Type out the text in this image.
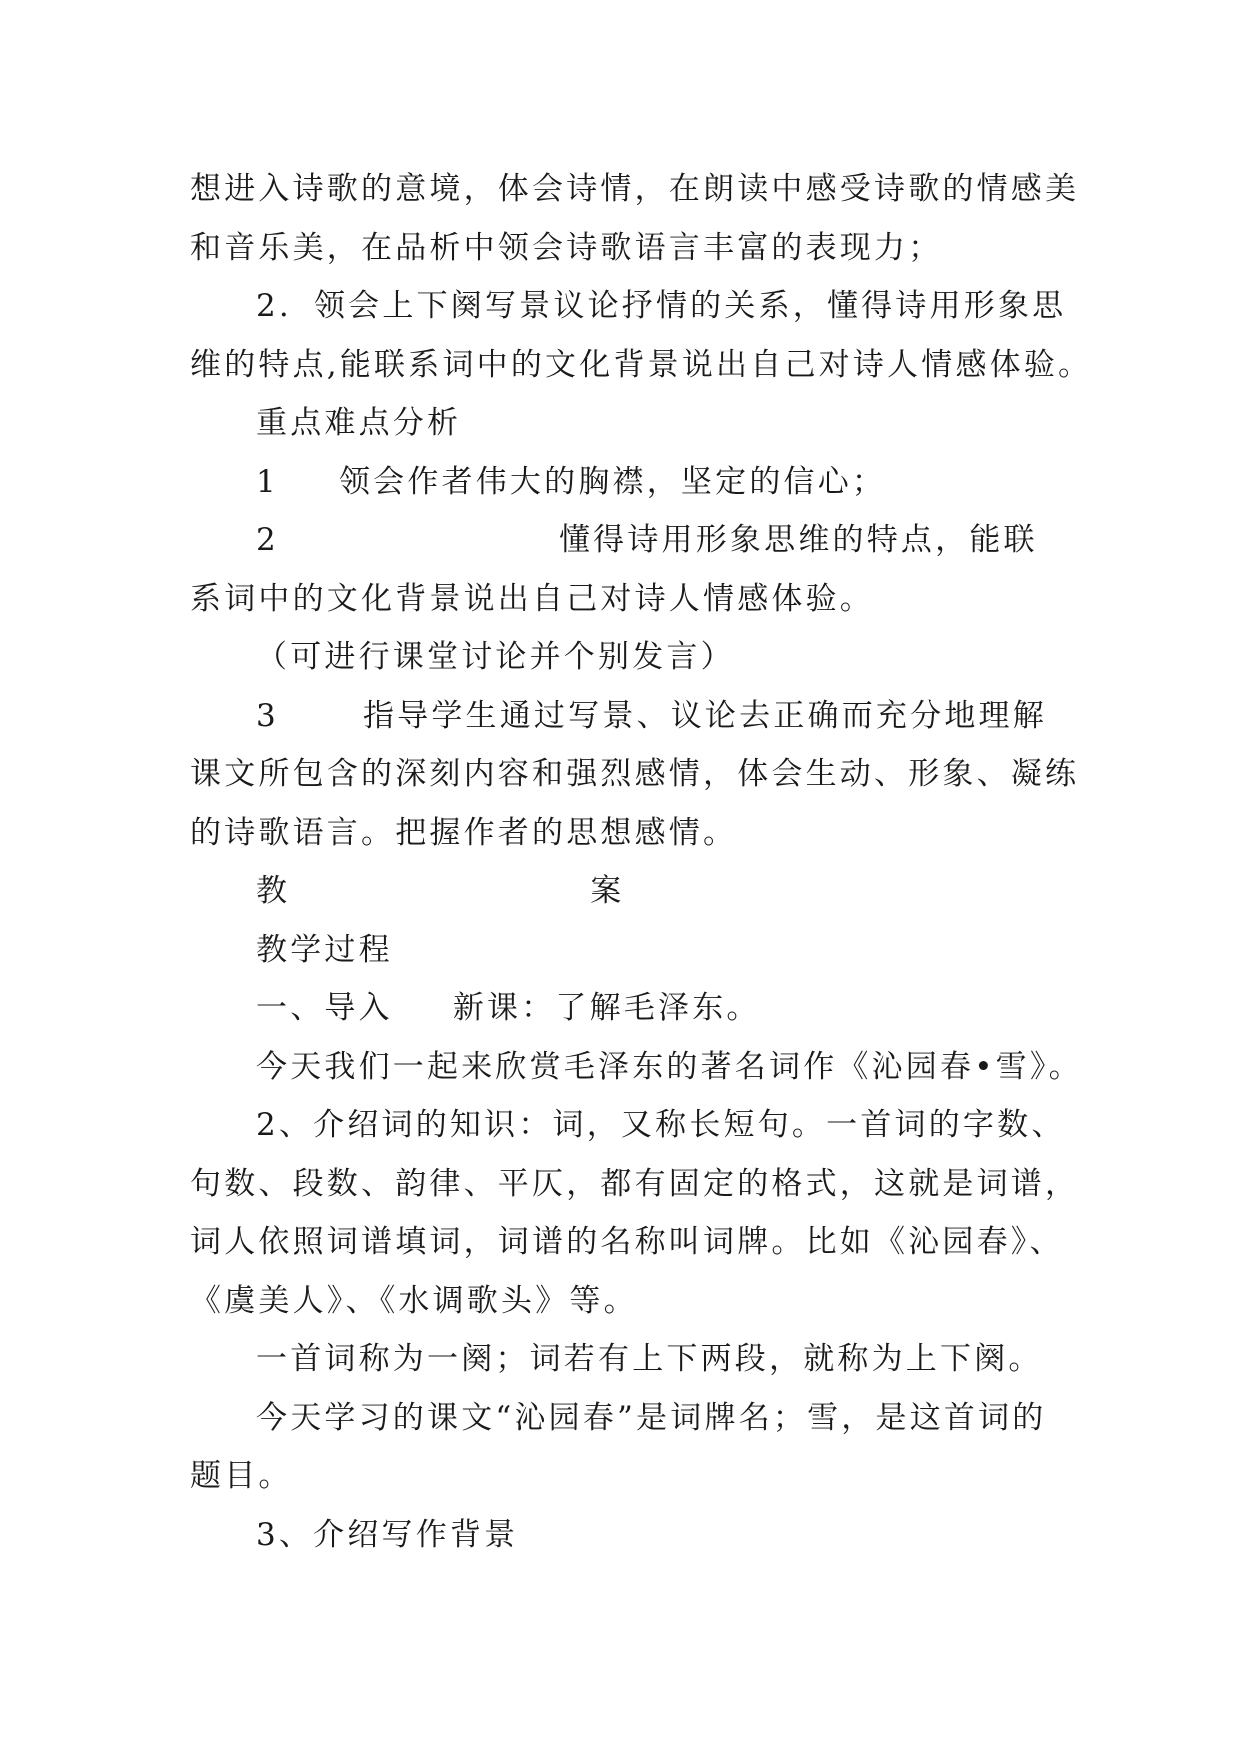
想进入诗歌的意境，体会诗情，在朗读中感受诗歌的情感美
和音乐美，在品析中领会诗歌语言丰富的表现力；
2. 领会上下阕写景议论抒情的关系，懂得诗用形象思
维的特点,能联系词中的文化背景说出自己对诗人情感体验。
重点难点分析
1 领会作者伟大的胸襟，坚定的信心；
2	懂得诗用形象思维的特点，能联
系词中的文化背景说出自己对诗人情感体验。
（可进行课堂讨论并个别发言）
3	指导学生通过写景、议论去正确而充分地理解
课文所包含的深刻内容和强烈感情，体会生动、形象、凝练
的诗歌语言。把握作者的思想感情。
教	案
教学过程
一、导入 新课：了解毛泽东。
今天我们一起来欣赏毛泽东的著名词作《沁园春•雪》。
2、介绍词的知识：词，又称长短句。一首词的字数、
句数、段数、韵律、平仄，都有固定的格式，这就是词谱，
词人依照词谱填词，词谱的名称叫词牌。比如《沁园春》、
《虞美人》、《水调歌头》等。
一首词称为一阕；词若有上下两段，就称为上下阕。
今天学习的课文“沁园春”是词牌名；雪，是这首词的
题目。
3、介绍写作背景
